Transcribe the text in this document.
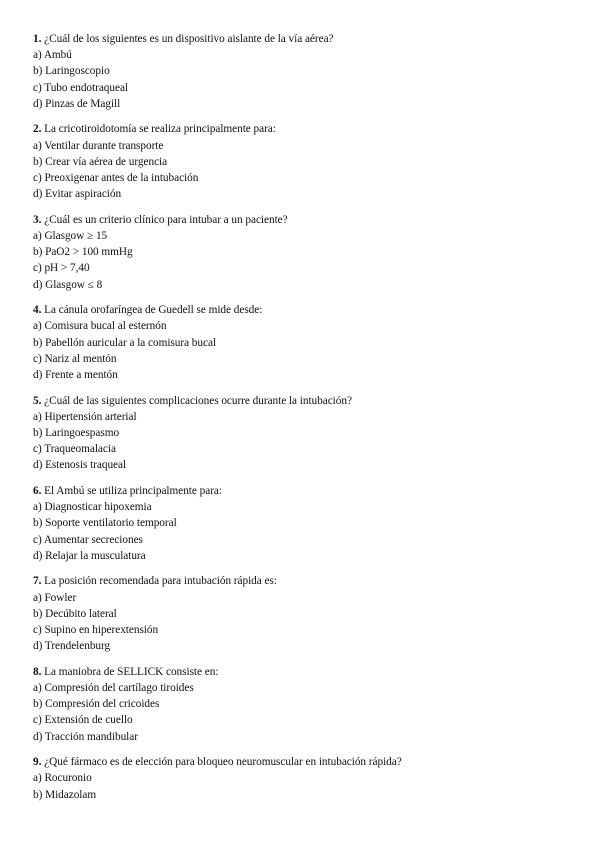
1. ¿Cuál de los siguientes es un dispositivo aislante de la vía aérea?
a) Ambú
b) Laringoscopio
c) Tubo endotraqueal
d) Pinzas de Magill
2. La cricotiroidotomía se realiza principalmente para:
a) Ventilar durante transporte
b) Crear vía aérea de urgencia
c) Preoxigenar antes de la intubación
d) Evitar aspiración
3. ¿Cuál es un criterio clínico para intubar a un paciente?
a) Glasgow ≥ 15
b) PaO2 > 100 mmHg
c) pH > 7,40
d) Glasgow ≤ 8
4. La cánula orofaríngea de Guedell se mide desde:
a) Comisura bucal al esternón
b) Pabellón auricular a la comisura bucal
c) Nariz al mentón
d) Frente a mentón
5. ¿Cuál de las siguientes complicaciones ocurre durante la intubación?
a) Hipertensión arterial
b) Laringoespasmo
c) Traqueomalacia
d) Estenosis traqueal
6. El Ambú se utiliza principalmente para:
a) Diagnosticar hipoxemia
b) Soporte ventilatorio temporal
c) Aumentar secreciones
d) Relajar la musculatura
7. La posición recomendada para intubación rápida es:
a) Fowler
b) Decúbito lateral
c) Supino en hiperextensión
d) Trendelenburg
8. La maniobra de SELLICK consiste en:
a) Compresión del cartílago tiroides
b) Compresión del cricoides
c) Extensión de cuello
d) Tracción mandibular
9. ¿Qué fármaco es de elección para bloqueo neuromuscular en intubación rápida?
a) Rocuronio
b) Midazolam
